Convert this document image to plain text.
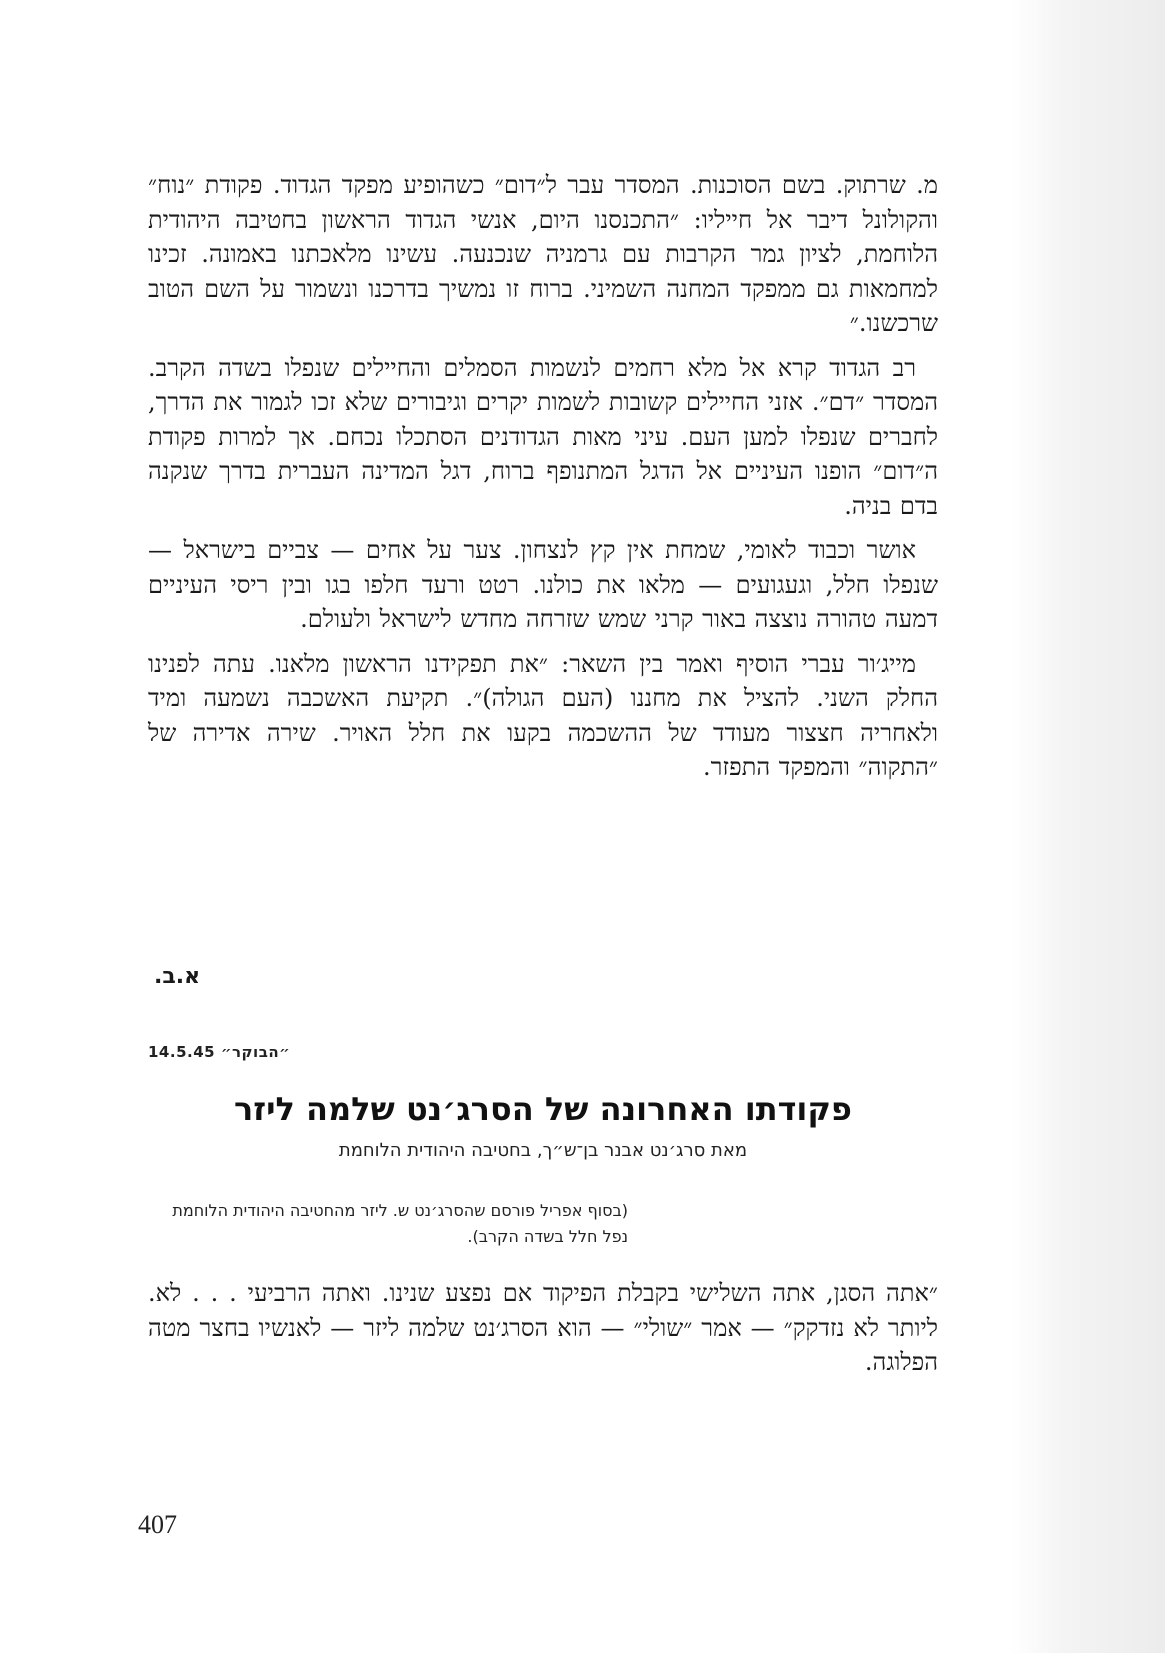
מ. שרתוק. בשם הסוכנות. המסדר עבר ל״דום״ כשהופיע מפקד הגדוד. פקודת ״נוח״ והקולונל דיבר אל חייליו: ״התכנסנו היום, אנשי הגדוד הראשון בחטיבה היהודית הלוחמת, לציון גמר הקרבות עם גרמניה שנכנעה. עשינו מלאכתנו באמונה. זכינו למחמאות גם ממפקד המחנה השמיני. ברוח זו נמשיך בדרכנו ונשמור על השם הטוב שרכשנו.״

רב הגדוד קרא אל מלא רחמים לנשמות הסמלים והחיילים שנפלו בשדה הקרב. המסדר ״דם״. אזני החיילים קשובות לשמות יקרים וגיבורים שלא זכו לגמור את הדרך, לחברים שנפלו למען העם. עיני מאות הגדודנים הסתכלו נכחם. אך למרות פקודת ה״דום״ הופנו העיניים אל הדגל המתנופף ברוח, דגל המדינה העברית בדרך שנקנה בדם בניה.

אושר וכבוד לאומי, שמחת אין קץ לנצחון. צער על אחים — צביים בישראל — שנפלו חלל, וגעגועים — מלאו את כולנו. רטט ורעד חלפו בגו ובין ריסי העיניים דמעה טהורה נוצצה באור קרני שמש שזרחה מחדש לישראל ולעולם.

מייג׳ור עברי הוסיף ואמר בין השאר: ״את תפקידנו הראשון מלאנו. עתה לפנינו החלק השני. להציל את מחננו (העם הגולה)״. תקיעת האשכבה נשמעה ומיד ולאחריה חצצור מעודד של ההשכמה בקעו את חלל האויר. שירה אדירה של ״התקוה״ והמפקד התפזר.

א.ב.
״הבוקר״ 14.5.45
פקודתו האחרונה של הסרג׳נט שלמה ליזר
מאת סרג׳נט אבנר בן־ש״ך, בחטיבה היהודית הלוחמת
(בסוף אפריל פורסם שהסרג׳נט ש. ליזר מהחטיבה היהודית הלוחמת נפל חלל בשדה הקרב).

״אתה הסגן, אתה השלישי בקבלת הפיקוד אם נפצע שנינו. ואתה הרביעי . . . לא. ליותר לא נזדקק״ — אמר ״שולי״ — הוא הסרג׳נט שלמה ליזר — לאנשיו בחצר מטה הפלוגה.

407
